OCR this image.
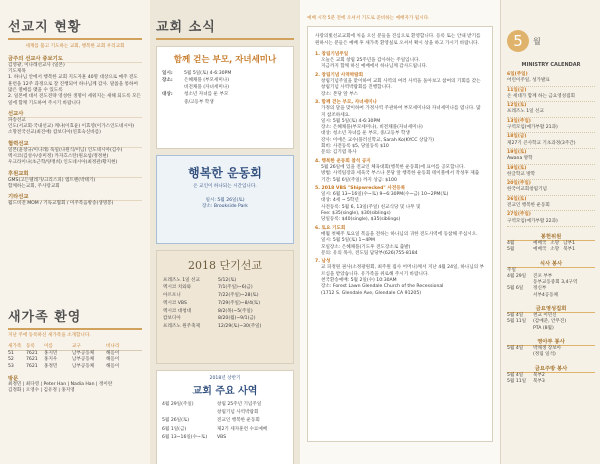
선교지 현황
세계를 품고 기도하는 교회, 행복한 교회 우리교회
금주의 선교사 중보기도
김영광, 이나래선교사 (일본)
기도제목
1. 하나님 안에서 행복한 교회 지도자훈 40명 대상으로 매주 전도훈련을 12주 과정으로 잘 진행되어 하나님께 감사. 말씀을 통하여 많은 열매를 맺을 수 있도록
2. 일본에 대서 전도전략 영성한 생명이 세워지는 새해 되도록 모든 일에 함께 기도하여 주시기 바랍니다
선교사
파송선교
인도(서교회·국내선교) 케냐(이효윤) 이효영(이가스인도네시아)
소망전국선교(최진애) 캄보디아(연효숙신바름)
협력선교
일본(윤창규/이나래) 독일(나원식/이님) 인도네시아(김수)
멕시코(김성수/송미정) 카자흐스탄(원요섭/정정현)
우크라이나(초근학/양정희) 인도네시아(최정관/황지현)
후원교회
GMS(고든텔레가/크리스피) 엠트렌(박태기)
함께하는교회, 주사랑교회
기타선교
월드비전 MOM / 기독교협회 / 미주복음방송(생명봉)
새가족 환영
지난 주에 등록하신 새가족을 소개합니다.
새가족	등록	이름	교구	비나리
51	7621	홍지민	남부공동체	해돋이
52	7621	홍지우	남부공동체	해돋이
53	7621	홍정민	남부공동체	해돋이
방문
최정민 | 최다영 | Peter Han | Nadia Han | 정이란
김정화 | 오영수 | 김유정 | 홍지영
교회 소식
함께 걷는 부모, 자녀세미나
일시:	5월 5일(토) 4-6:30PM
장소:	은혜채플 (부모세미나)
비전채플 (자녀세미나)
대상:	청소년 자녀를 둔 부모
중/고등부 학생
행복한 운동회
온 교인이 하나되는 시간입니다.
일시: 5월 26일(토)
장소: Brookside Park
2018 단기선교
프레즈노 1일 선교	5/12(토)
멕시코 치와와	7/1(주일)~6(금)
아르포니	7/22(주일)~28(토)
멕시코 VBS	7/29(주일)~8/4(토)
멕시코 대청대	8/2(목)~5(주일)
캄보디아	8/20(월)~9/1(금)
프레즈노 원주축제	12/29(토)~30(주일)
2018년 상반기
교회 주요 사역
4월 29일(주일)	창립 25주년 기념주일
창립기념 사역박람회
5월 26일(토)	전교인 행복한 운동회
6월 1일(금)	제2기 세자훈련 수료예배
6월 13~16일(수~토)	VBS
예배 시작 5분 전에 오셔서 기도로 준비하는 예배자가 됩시다.
사랑의빛선교교회에 처음 오신 분들을 진심으로 환영합니다. 등록 또는 안내 받기를 원하시는 분들은 예배 후 새가족 환영실로 오셔서 확시 상을 하고 가시기 바랍니다.
1. 창립기념주일
오늘은 교회 창립 25주년을 감사하는 주일입니다.
지금까지 함께 하신 예배에서 하나님께 감사드립니다.
2. 창립기념 사역박람회
창립기념주일을 맞이하여 교회 사역의 여러 사역을 돌아보고 참여의 기회를 갖는 창립기념 사역박람회를 진행합니다.
장소: 본당 앞 부스
3. 함께 걷는 부모, 자녀세미나
가정의 달을 맞이하여 가정사역 주관하여 부모세미나와 자녀세미나를 엽니다. 많지 참조하세요.
일시: 5월 5일(토) 4-6:30PM
장소: 은혜채플(부모세미나), 비전채플(자녀세미나)
대상: 청소년 자녀를 둔 부모, 중/고등부 학생
강사: 이에은 교수(플러신학교, Sarah Ko(KYCC 상담가)
회비: 사전등록 $5, 당일등록 $10
문의: 김기엽 목사
4. 행복한 운동회 참석 공지
5월 26일에 있을 전교인 체육대회(행복한 운동회)에 표어를 공모합니다.
방법: 사역팀장과 세육국 부스나 본당 앞 행복한 운동회 테이블에서 작성후 제출
기간: 5월 6일(주일) 까지 상금: $100
5. 2018 VBS "Shipwrecked" 사전등록
일시: 6월 13~16일(수~토) 9~6:30PM(수~금) 10~2PM(토)
대상: 4세 ~ 5학년
사전등록: 5월 6, 13일(주일) 친교식당 및 나무 및
Fee: $35(single), $30(siblings)
당일등록: $40(single), $35(siblings)
6. 토요 기도회
매월 첫째주 토요일 복음을 전하는 하나님의 귀한 전도사역에 동참해 주십시오.
일시: 5월 5일(토) 1~4PM
모일장소: 은혜채플(기도후 전도장소로 출발)
문의: 유의 목사, 전도팀 담당부(626)755-8184
7. 남성
교 피정원 권사(소정광원회, 최주원 집사 어머니)께서 지난 4월 24일, 하나님의 부르심을 받았습니다. 유가족을 위로해 주시기 바랍니다.
천국환송예배: 5월 2일(수) 10:30AM
장소: Forest Lawn Glendale Church of the Recessional
(1712 S. Glendale Ave, Glendale CA 91205)
5	월
MINISTRY CALENDAR
6일(주일)
어린이주일, 성가발표
11일(금)
온 세대가 함께 하는 금요영성집회
12일(토)
프레즈노 1일 선교
13일(주일)
구역모임(예가부활 21과)
18일(금)
제27기 큰사학교 기초과정(3주간)
19일(토)
Awana 방학
19일(토)
한글학교 방학
20일(주일)
한국어교회창립기념
26일(토)
전교인 행복한 운동회
27일(주일)
구역모임(예가부활 22과)
봉헌위원
4월	예배국 소망 남부1
5월	예배국 소망 북부1
식사 봉사
주일
4월 29일	진포 부부
동부교동중회 3,4구역
5월 6일	정신부
서부4공동체
금요영성집회
5월 4일	천교 이민신
5월 11일	(감예준, 안무진)
PTA (8월)
영아부 봉사
5월 4일	박채생 장보아
(정림 일석)
금요주방 봉사
5월 4일	북부2
5월 11일	북부3
